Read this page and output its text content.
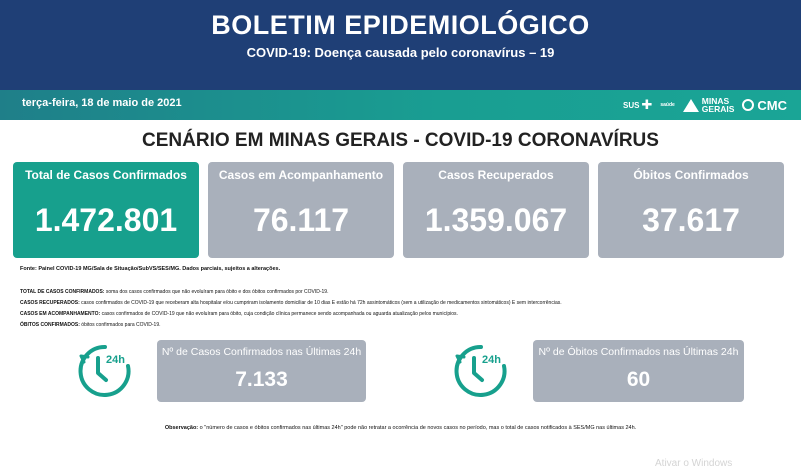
BOLETIM EPIDEMIOLÓGICO
COVID-19: Doença causada pelo coronavírus – 19
terça-feira, 18 de maio de 2021	SUS ✚ saúde	MINAS
GERAIS CMC
CENÁRIO EM MINAS GERAIS - COVID-19 CORONAVÍRUS
Total de Casos Confirmados
1.472.801
Casos em Acompanhamento
76.117
Casos Recuperados
1.359.067
Óbitos Confirmados
37.617
Fonte: Painel COVID-19 MG/Sala de Situação/SubVS/SES/MG. Dados parciais, sujeitos a alterações.
TOTAL DE CASOS CONFIRMADOS: soma dos casos confirmados que não evoluíram para óbito e dos óbitos confirmados por COVID-19.
CASOS RECUPERADOS: casos confirmados de COVID-19 que receberam alta hospitalar e/ou cumpriram isolamento domiciliar de 10 dias E estão há 72h assintomáticos (sem a utilização de medicamentos sintomáticos) E sem intercorrências.
CASOS EM ACOMPANHAMENTO: casos confirmados de COVID-19 que não evoluíram para óbito, cuja condição clínica permanece sendo acompanhada ou aguarda atualização pelos municípios.
ÓBITOS CONFIRMADOS: óbitos confirmados para COVID-19.
24h
Nº de Casos Confirmados nas Últimas 24h
7.133
24h
Nº de Óbitos Confirmados nas Últimas 24h
60
Observação: o "número de casos e óbitos confirmados nas últimas 24h" pode não retratar a ocorrência de novos casos no período, mas o total de casos notificados à SES/MG nas últimas 24h.
Ativar o Windows
